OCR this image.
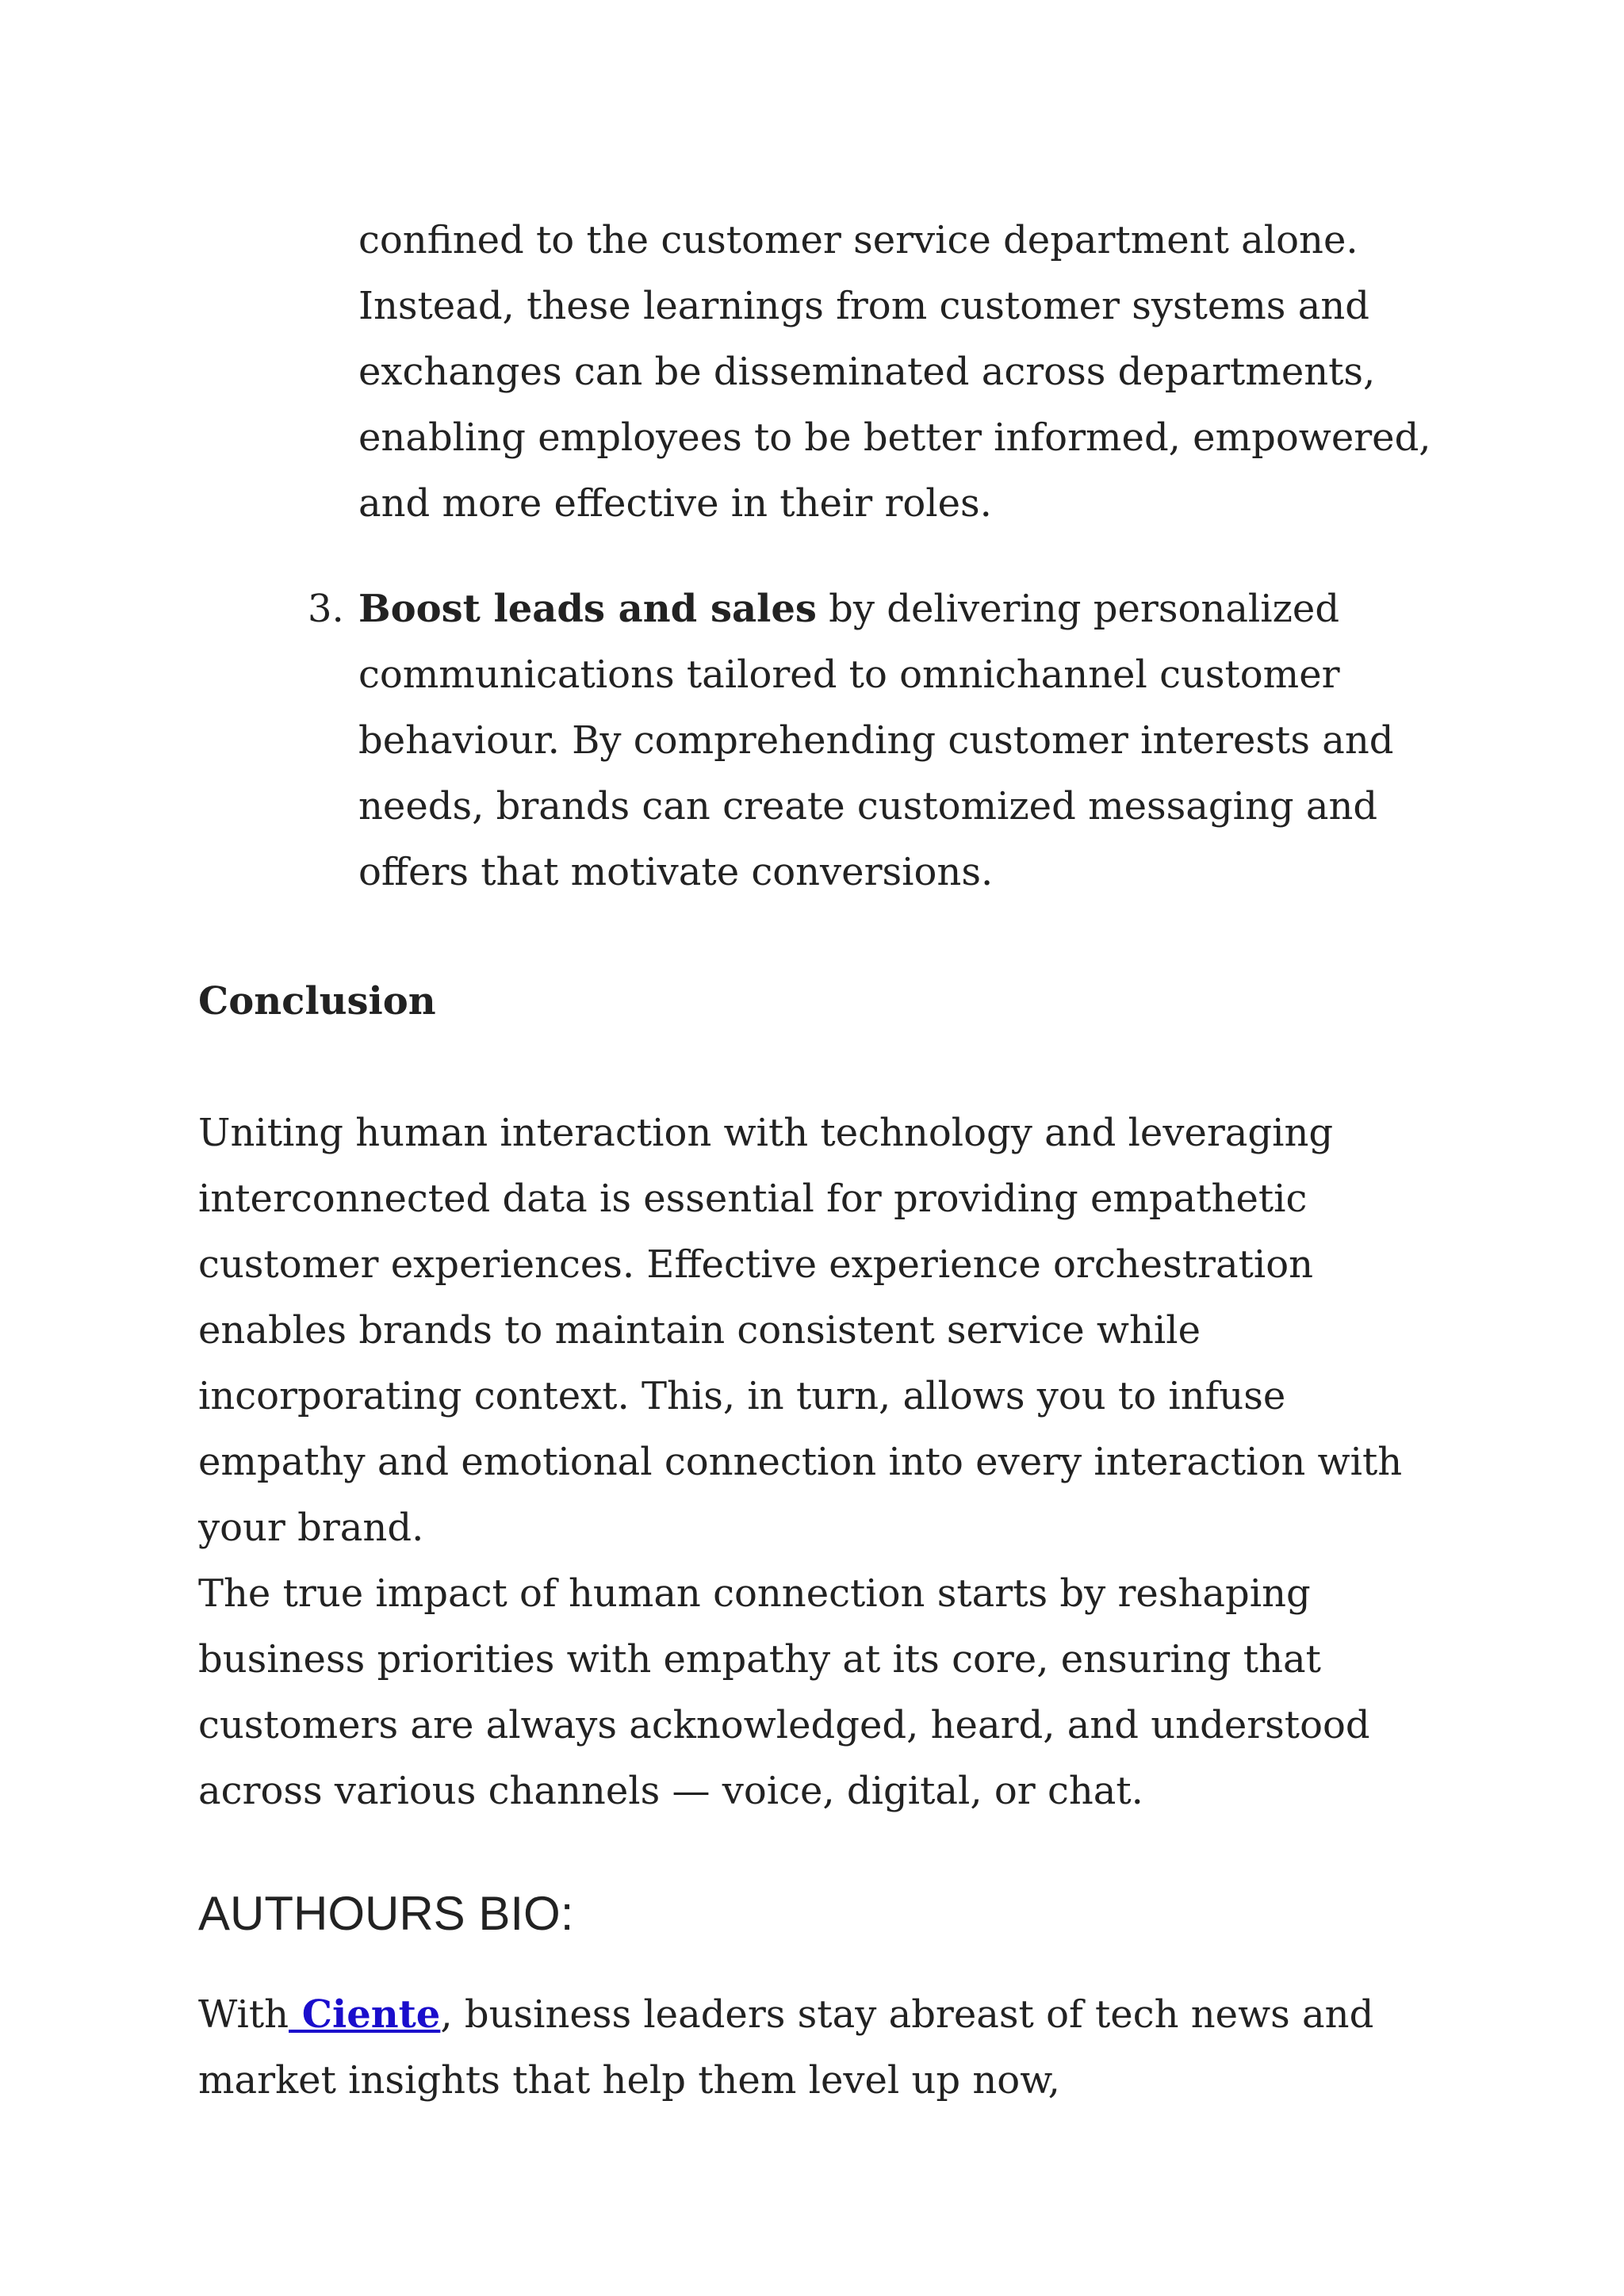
confined to the customer service department alone. Instead, these learnings from customer systems and exchanges can be disseminated across departments, enabling employees to be better informed, empowered, and more effective in their roles.

3. Boost leads and sales by delivering personalized communications tailored to omnichannel customer behaviour. By comprehending customer interests and needs, brands can create customized messaging and offers that motivate conversions.

Conclusion

Uniting human interaction with technology and leveraging interconnected data is essential for providing empathetic customer experiences. Effective experience orchestration enables brands to maintain consistent service while incorporating context. This, in turn, allows you to infuse empathy and emotional connection into every interaction with your brand.

The true impact of human connection starts by reshaping business priorities with empathy at its core, ensuring that customers are always acknowledged, heard, and understood across various channels — voice, digital, or chat.

AUTHOURS BIO:

With Ciente, business leaders stay abreast of tech news and market insights that help them level up now,
